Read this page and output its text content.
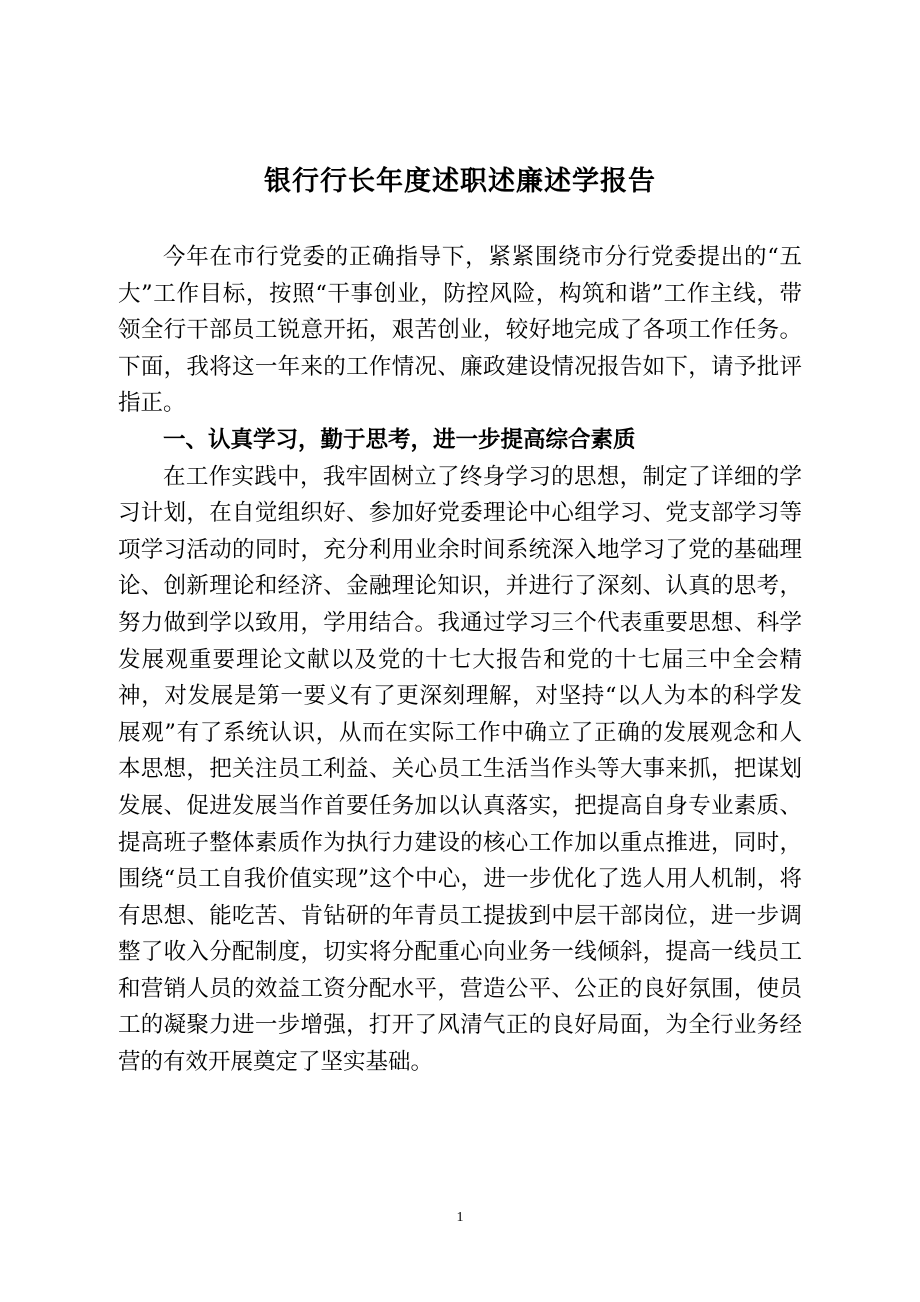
银行行长年度述职述廉述学报告

今年在市行党委的正确指导下，紧紧围绕市分行党委提出的“五大”工作目标，按照“干事创业，防控风险，构筑和谐”工作主线，带领全行干部员工锐意开拓，艰苦创业，较好地完成了各项工作任务。下面，我将这一年来的工作情况、廉政建设情况报告如下，请予批评指正。

一、认真学习，勤于思考，进一步提高综合素质

在工作实践中，我牢固树立了终身学习的思想，制定了详细的学习计划，在自觉组织好、参加好党委理论中心组学习、党支部学习等项学习活动的同时，充分利用业余时间系统深入地学习了党的基础理论、创新理论和经济、金融理论知识，并进行了深刻、认真的思考，努力做到学以致用，学用结合。我通过学习三个代表重要思想、科学发展观重要理论文献以及党的十七大报告和党的十七届三中全会精神，对发展是第一要义有了更深刻理解，对坚持“以人为本的科学发展观”有了系统认识，从而在实际工作中确立了正确的发展观念和人本思想，把关注员工利益、关心员工生活当作头等大事来抓，把谋划发展、促进发展当作首要任务加以认真落实，把提高自身专业素质、提高班子整体素质作为执行力建设的核心工作加以重点推进，同时，围绕“员工自我价值实现”这个中心，进一步优化了选人用人机制，将有思想、能吃苦、肯钻研的年青员工提拔到中层干部岗位，进一步调整了收入分配制度，切实将分配重心向业务一线倾斜，提高一线员工和营销人员的效益工资分配水平，营造公平、公正的良好氛围，使员工的凝聚力进一步增强，打开了风清气正的良好局面，为全行业务经营的有效开展奠定了坚实基础。

1
